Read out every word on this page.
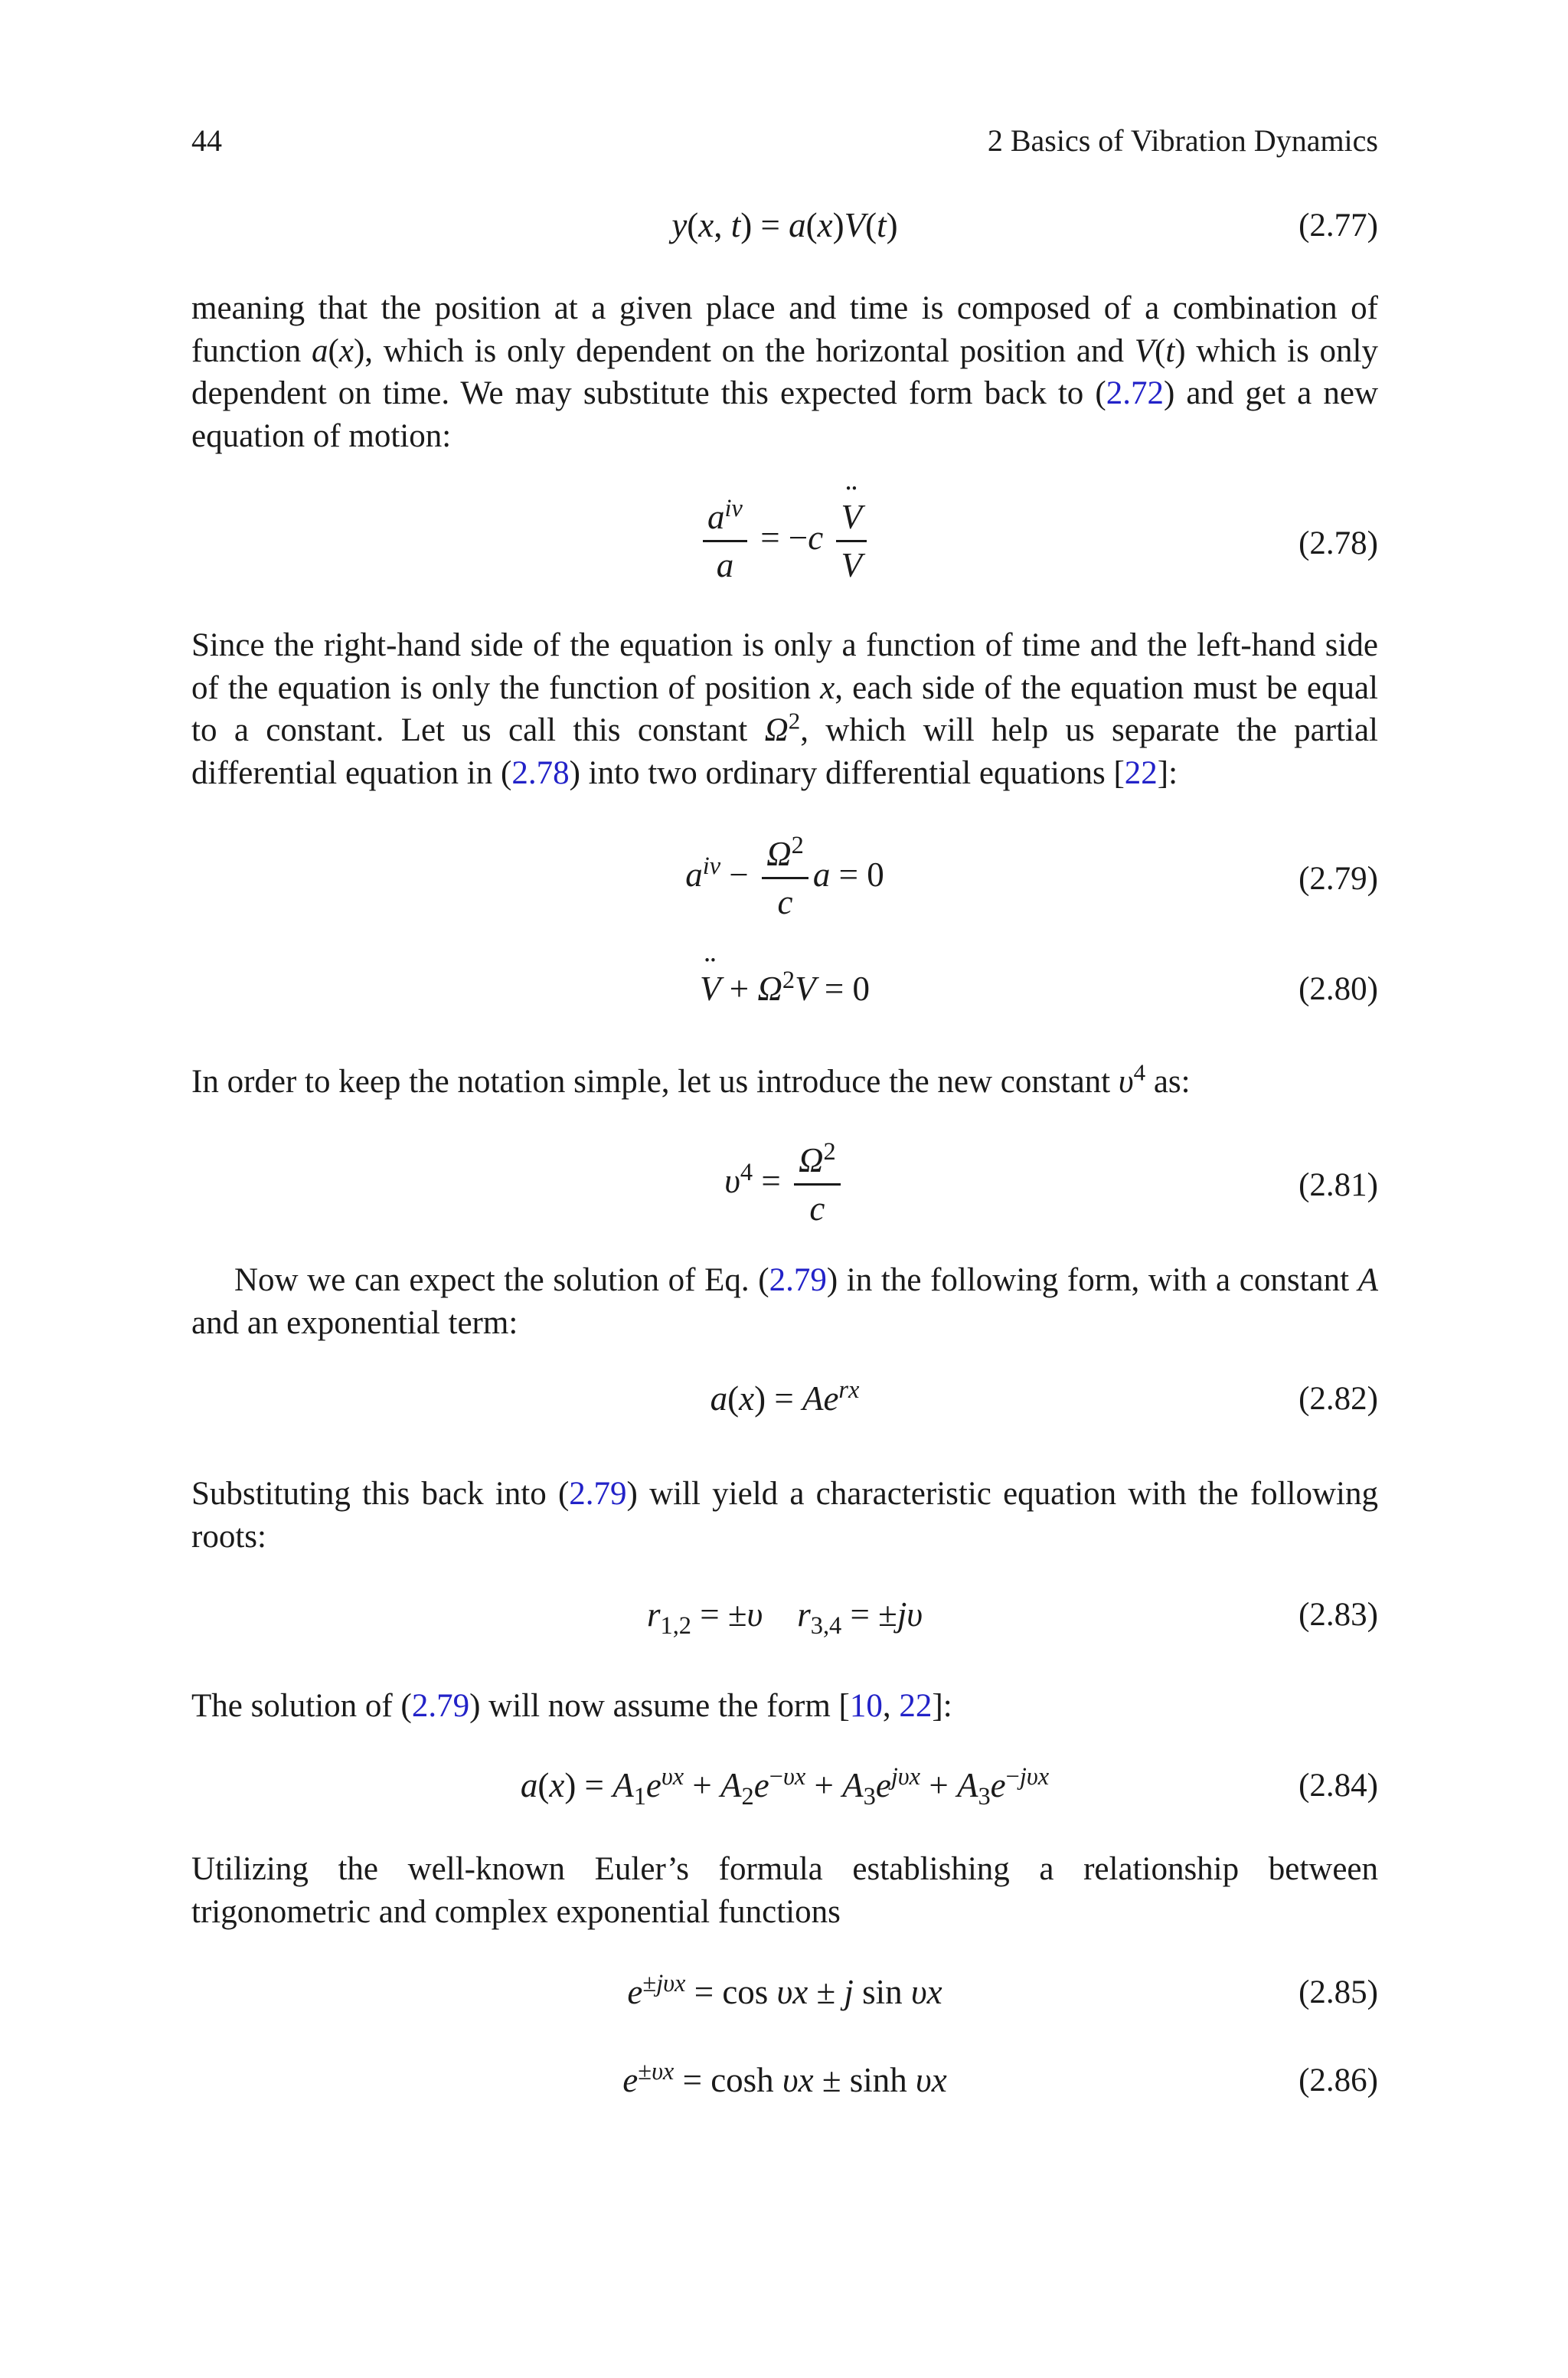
44	2 Basics of Vibration Dynamics
y(x, t) = a(x)V(t)	(2.77)

meaning that the position at a given place and time is composed of a combination of function a(x), which is only dependent on the horizontal position and V(t) which is only dependent on time. We may substitute this expected form back to (2.72) and get a new equation of motion:

$\frac{a^{iv}}{a} = -c$
¨ $\frac{V}{V}$	(2.78)

Since the right-hand side of the equation is only a function of time and the left-hand side of the equation is only the function of position x, each side of the equation must be equal to a constant. Let us call this constant $\Omega^2$, which will help us separate the partial differential equation in (2.78) into two ordinary differential equations [22]:

$a^{iv} - \frac{\Omega^2}{c}$ a = 0	(2.79)
¨ $V + \Omega^2V = 0$	(2.80)

In order to keep the notation simple, let us introduce the new constant $\upsilon^4$ as:

$\upsilon^4 = \frac{\Omega^2}{c}$	(2.81)

Now we can expect the solution of Eq. (2.79) in the following form, with a constant A and an exponential term:

$a(x) = Ae^{rx}$	(2.82)

Substituting this back into (2.79) will yield a characteristic equation with the following roots:

$r_{1,2} = \pm\upsilon$ $r_{3,4} = \pm j\upsilon$	(2.83)

The solution of (2.79) will now assume the form [10, 22]:

$a(x) = A_1e^{\upsilon x} + A_2e^{-\upsilon x} + A_3e^{j\upsilon x} + A_3e^{-j\upsilon x}$	(2.84)

Utilizing the well-known Euler’s formula establishing a relationship between trigonometric and complex exponential functions

$e^{\pm j\upsilon x} = \cos \upsilon x \pm j$ sin υx	(2.85)
$e^{\pm\upsilon x} = \cosh \upsilon x \pm \sinh \upsilon x$	(2.86)
